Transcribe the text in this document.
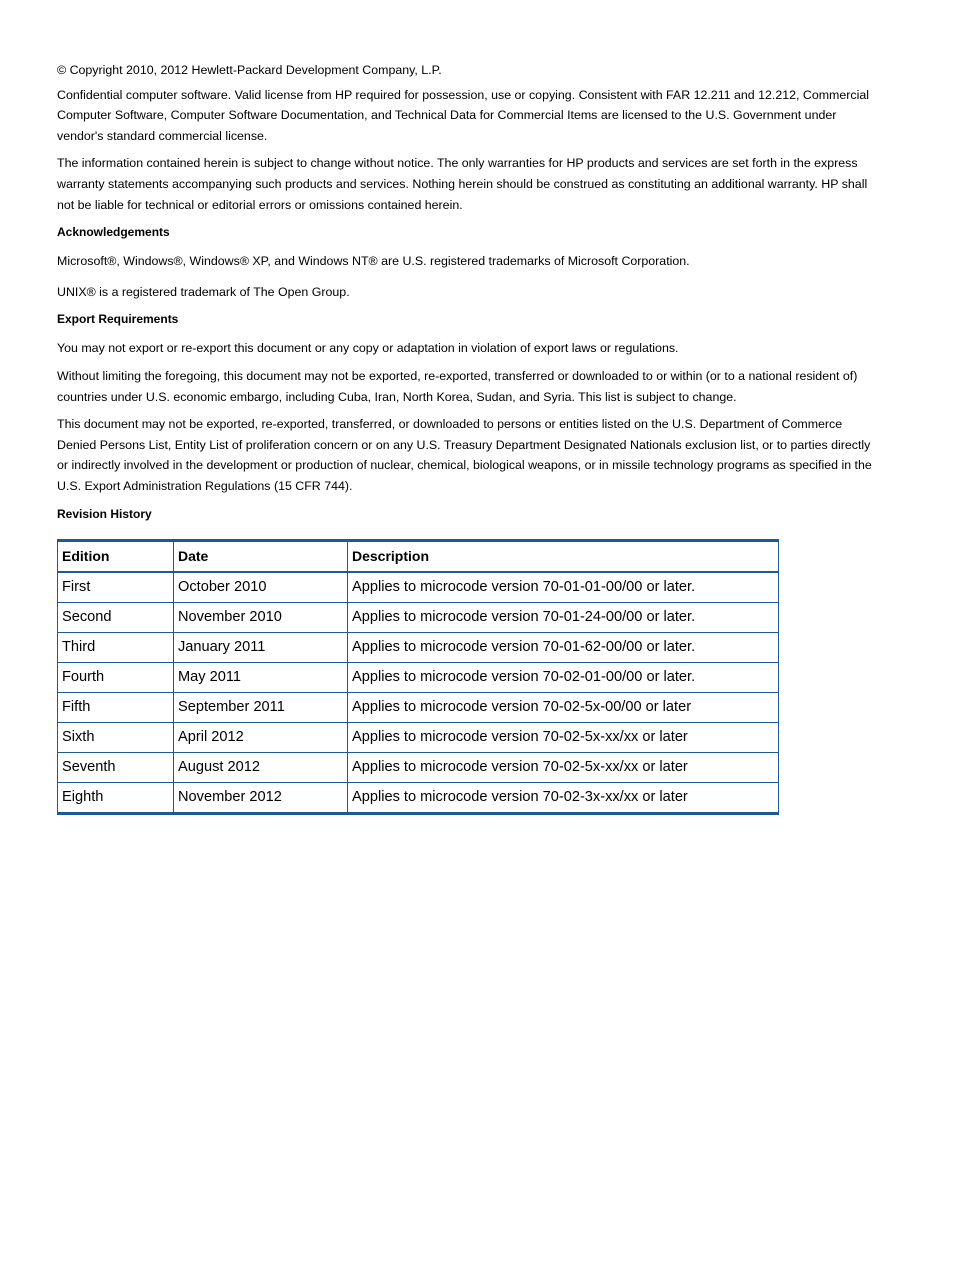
© Copyright 2010, 2012 Hewlett-Packard Development Company, L.P.

Confidential computer software. Valid license from HP required for possession, use or copying. Consistent with FAR 12.211 and 12.212, Commercial Computer Software, Computer Software Documentation, and Technical Data for Commercial Items are licensed to the U.S. Government under vendor's standard commercial license.

The information contained herein is subject to change without notice. The only warranties for HP products and services are set forth in the express warranty statements accompanying such products and services. Nothing herein should be construed as constituting an additional warranty. HP shall not be liable for technical or editorial errors or omissions contained herein.

Acknowledgements

Microsoft®, Windows®, Windows® XP, and Windows NT® are U.S. registered trademarks of Microsoft Corporation.

UNIX® is a registered trademark of The Open Group.

Export Requirements

You may not export or re-export this document or any copy or adaptation in violation of export laws or regulations.

Without limiting the foregoing, this document may not be exported, re-exported, transferred or downloaded to or within (or to a national resident of) countries under U.S. economic embargo, including Cuba, Iran, North Korea, Sudan, and Syria. This list is subject to change.

This document may not be exported, re-exported, transferred, or downloaded to persons or entities listed on the U.S. Department of Commerce Denied Persons List, Entity List of proliferation concern or on any U.S. Treasury Department Designated Nationals exclusion list, or to parties directly or indirectly involved in the development or production of nuclear, chemical, biological weapons, or in missile technology programs as specified in the U.S. Export Administration Regulations (15 CFR 744).

Revision History

Edition	Date	Description
First	October 2010	Applies to microcode version 70-01-01-00/00 or later.
Second	November 2010	Applies to microcode version 70-01-24-00/00 or later.
Third	January 2011	Applies to microcode version 70-01-62-00/00 or later.
Fourth	May 2011	Applies to microcode version 70-02-01-00/00 or later.
Fifth	September 2011	Applies to microcode version 70-02-5x-00/00 or later
Sixth	April 2012	Applies to microcode version 70-02-5x-xx/xx or later
Seventh	August 2012	Applies to microcode version 70-02-5x-xx/xx or later
Eighth	November 2012	Applies to microcode version 70-02-3x-xx/xx or later
